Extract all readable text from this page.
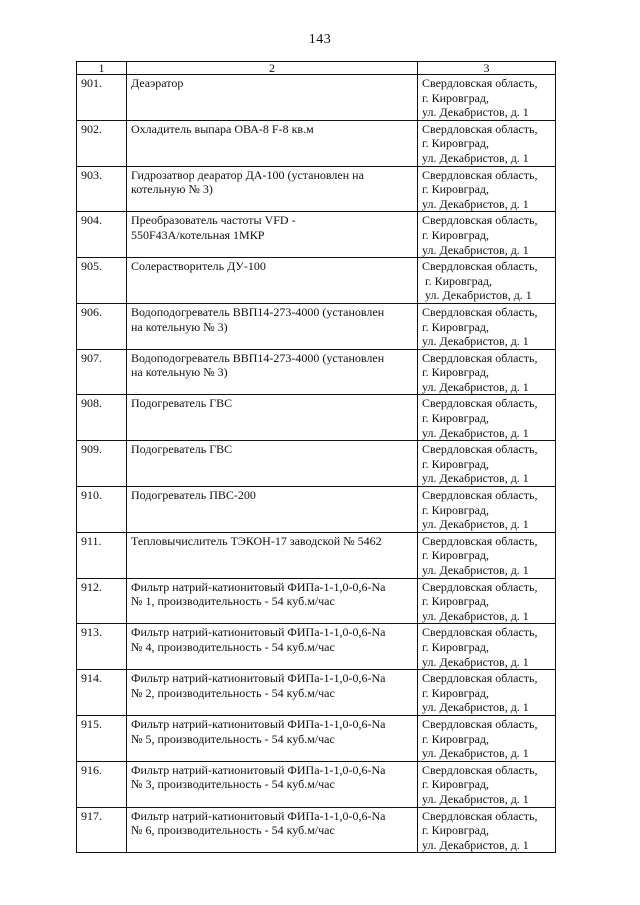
143
1	2	3
901.	Деаэратор	Свердловская область,
г. Кировград,
ул. Декабристов, д. 1

902.	Охладитель выпара ОВА-8 F-8 кв.м	Свердловская область,
г. Кировград,
ул. Декабристов, д. 1

903.	Гидрозатвор деаратор ДА-100 (установлен на
котельную № 3)	Свердловская область,
г. Кировград,
ул. Декабристов, д. 1

904.	Преобразователь частоты VFD -
550F43A/котельная 1МКР	Свердловская область,
г. Кировград,
ул. Декабристов, д. 1

905.	Солерастворитель ДУ-100	Свердловская область,
г. Кировград,
ул. Декабристов, д. 1

906.	Водоподогреватель ВВП14-273-4000 (установлен
на котельную № 3)	Свердловская область,
г. Кировград,
ул. Декабристов, д. 1

907.	Водоподогреватель ВВП14-273-4000 (установлен
на котельную № 3)	Свердловская область,
г. Кировград,
ул. Декабристов, д. 1

908.	Подогреватель ГВС	Свердловская область,
г. Кировград,
ул. Декабристов, д. 1

909.	Подогреватель ГВС	Свердловская область,
г. Кировград,
ул. Декабристов, д. 1

910.	Подогреватель ПВС-200	Свердловская область,
г. Кировград,
ул. Декабристов, д. 1

911.	Тепловычислитель ТЭКОН-17 заводской № 5462	Свердловская область,
г. Кировград,
ул. Декабристов, д. 1

912.	Фильтр натрий-катионитовый ФИПа-1-1,0-0,6-Na
№ 1, производительность - 54 куб.м/час	Свердловская область,
г. Кировград,
ул. Декабристов, д. 1

913.	Фильтр натрий-катионитовый ФИПа-1-1,0-0,6-Na
№ 4, производительность - 54 куб.м/час	Свердловская область,
г. Кировград,
ул. Декабристов, д. 1

914.	Фильтр натрий-катионитовый ФИПа-1-1,0-0,6-Na
№ 2, производительность - 54 куб.м/час	Свердловская область,
г. Кировград,
ул. Декабристов, д. 1

915.	Фильтр натрий-катионитовый ФИПа-1-1,0-0,6-Na
№ 5, производительность - 54 куб.м/час	Свердловская область,
г. Кировград,
ул. Декабристов, д. 1

916.	Фильтр натрий-катионитовый ФИПа-1-1,0-0,6-Na
№ 3, производительность - 54 куб.м/час	Свердловская область,
г. Кировград,
ул. Декабристов, д. 1

917.	Фильтр натрий-катионитовый ФИПа-1-1,0-0,6-Na
№ 6, производительность - 54 куб.м/час	Свердловская область,
г. Кировград,
ул. Декабристов, д. 1
